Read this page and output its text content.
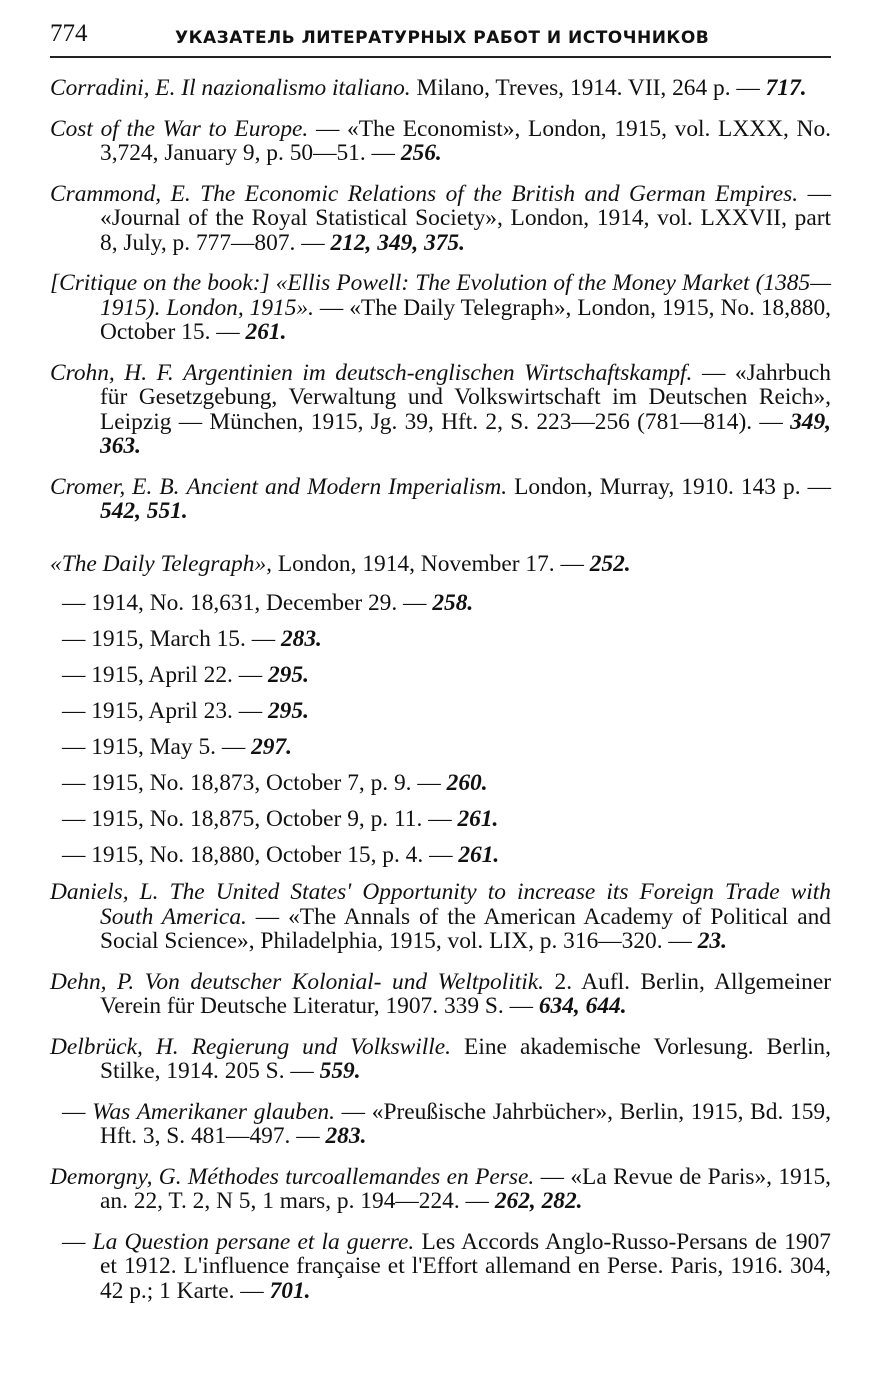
774	УКАЗАТЕЛЬ ЛИТЕРАТУРНЫХ РАБОТ И ИСТОЧНИКОВ

Corradini, E. Il nazionalismo italiano. Milano, Treves, 1914. VII, 264 p. — 717.

Cost of the War to Europe. — «The Economist», London, 1915, vol. LXXX, No. 3,724, January 9, p. 50—51. — 256.

Crammond, E. The Economic Relations of the British and German Empires. — «Journal of the Royal Statistical Society», London, 1914, vol. LXXVII, part 8, July, p. 777—807. — 212, 349, 375.

[Critique on the book:] «Ellis Powell: The Evolution of the Money Market (1385—1915). London, 1915». — «The Daily Telegraph», London, 1915, No. 18,880, October 15. — 261.

Crohn, H. F. Argentinien im deutsch-englischen Wirtschaftskampf. — «Jahrbuch für Gesetzgebung, Verwaltung und Volkswirtschaft im Deutschen Reich», Leipzig — München, 1915, Jg. 39, Hft. 2, S. 223—256 (781—814). — 349, 363.

Cromer, E. B. Ancient and Modern Imperialism. London, Murray, 1910. 143 p. — 542, 551.

«The Daily Telegraph», London, 1914, November 17. — 252.

— 1914, No. 18,631, December 29. — 258.

— 1915, March 15. — 283.

— 1915, April 22. — 295.

— 1915, April 23. — 295.

— 1915, May 5. — 297.

— 1915, No. 18,873, October 7, p. 9. — 260.

— 1915, No. 18,875, October 9, p. 11. — 261.

— 1915, No. 18,880, October 15, p. 4. — 261.

Daniels, L. The United States' Opportunity to increase its Foreign Trade with South America. — «The Annals of the American Academy of Political and Social Science», Philadelphia, 1915, vol. LIX, p. 316—320. — 23.

Dehn, P. Von deutscher Kolonial- und Weltpolitik. 2. Aufl. Berlin, Allgemeiner Verein für Deutsche Literatur, 1907. 339 S. — 634, 644.

Delbrück, H. Regierung und Volkswille. Eine akademische Vorlesung. Berlin, Stilke, 1914. 205 S. — 559.

— Was Amerikaner glauben. — «Preußische Jahrbücher», Berlin, 1915, Bd. 159, Hft. 3, S. 481—497. — 283.

Demorgny, G. Méthodes turcoallemandes en Perse. — «La Revue de Paris», 1915, an. 22, T. 2, N 5, 1 mars, p. 194—224. — 262, 282.

— La Question persane et la guerre. Les Accords Anglo-Russo-Persans de 1907 et 1912. L'influence française et l'Effort allemand en Perse. Paris, 1916. 304, 42 p.; 1 Karte. — 701.
